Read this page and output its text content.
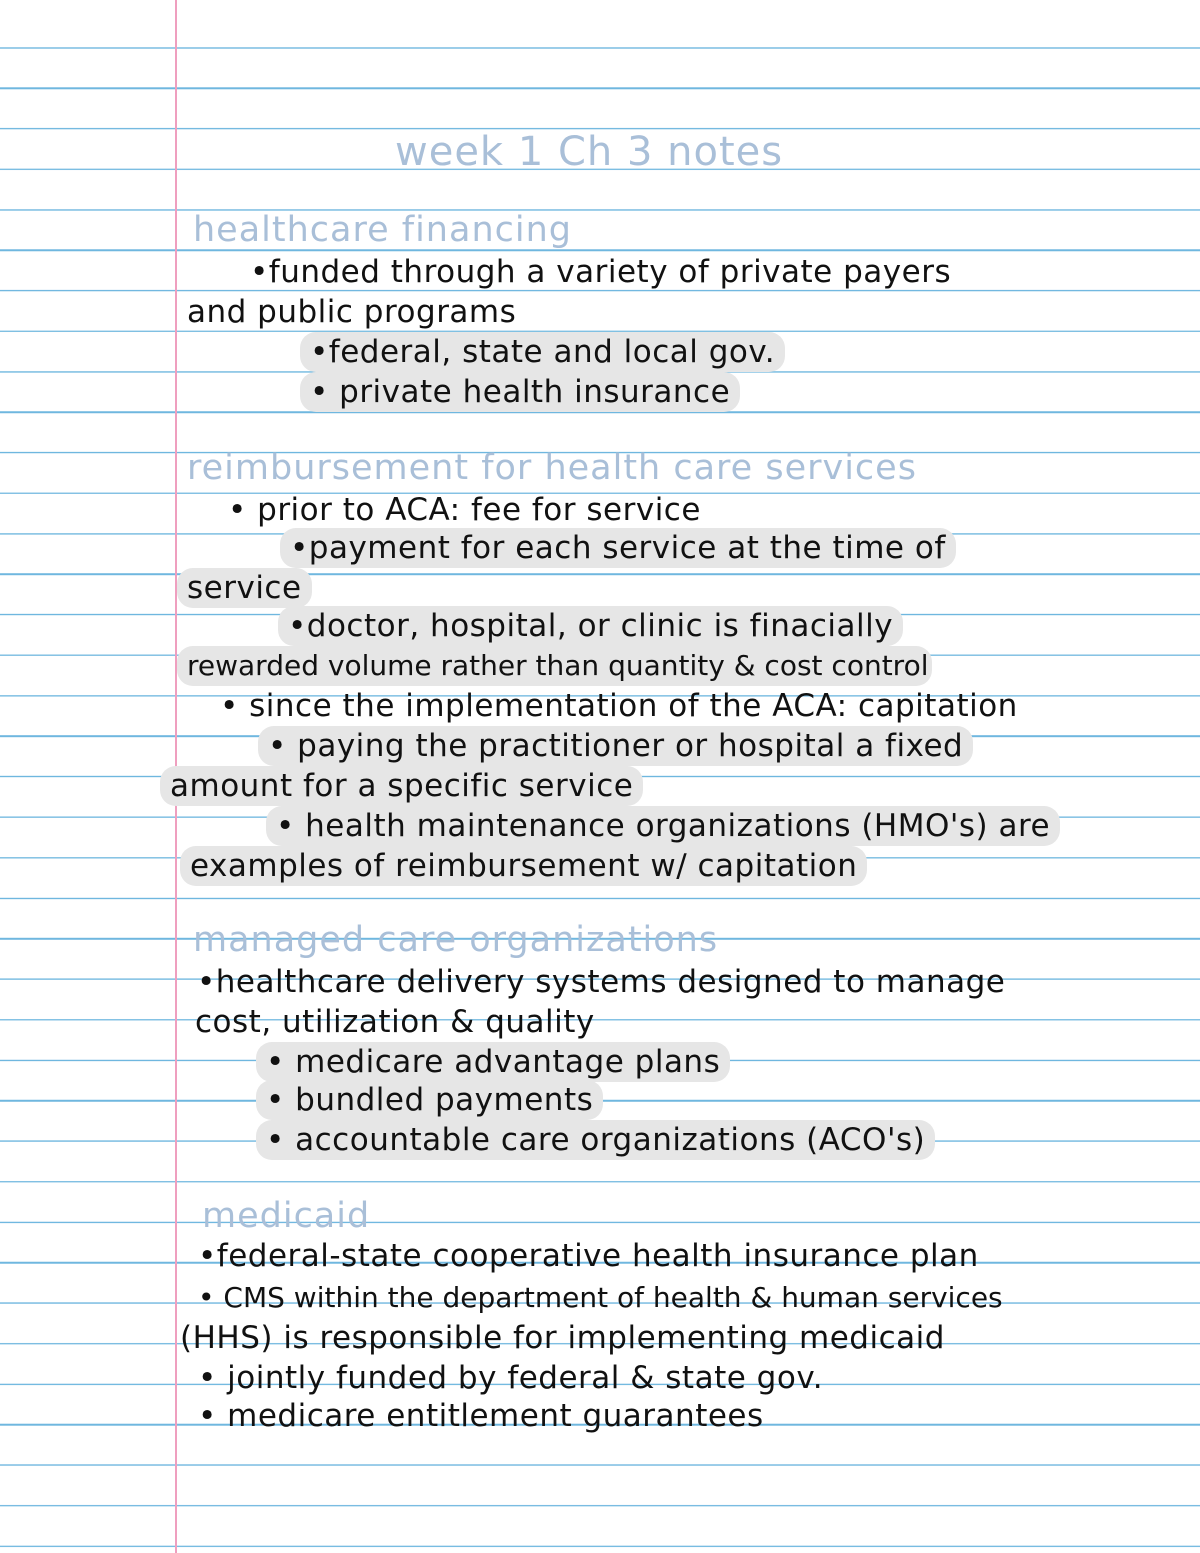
week 1 Ch 3 notes
healthcare financing
•funded through a variety of private payers
and public programs
•federal, state and local gov.
• private health insurance
reimbursement for health care services
• prior to ACA: fee for service
•payment for each service at the time of
service
•doctor, hospital, or clinic is finacially
rewarded volume rather than quantity & cost control
• since the implementation of the ACA: capitation
• paying the practitioner or hospital a fixed
amount for a specific service
• health maintenance organizations (HMO's) are
examples of reimbursement w/ capitation
managed care organizations
•healthcare delivery systems designed to manage
cost, utilization & quality
• medicare advantage plans
• bundled payments
• accountable care organizations (ACO's)
medicaid
•federal-state cooperative health insurance plan
• CMS within the department of health & human services
(HHS) is responsible for implementing medicaid
• jointly funded by federal & state gov.
• medicare entitlement guarantees
